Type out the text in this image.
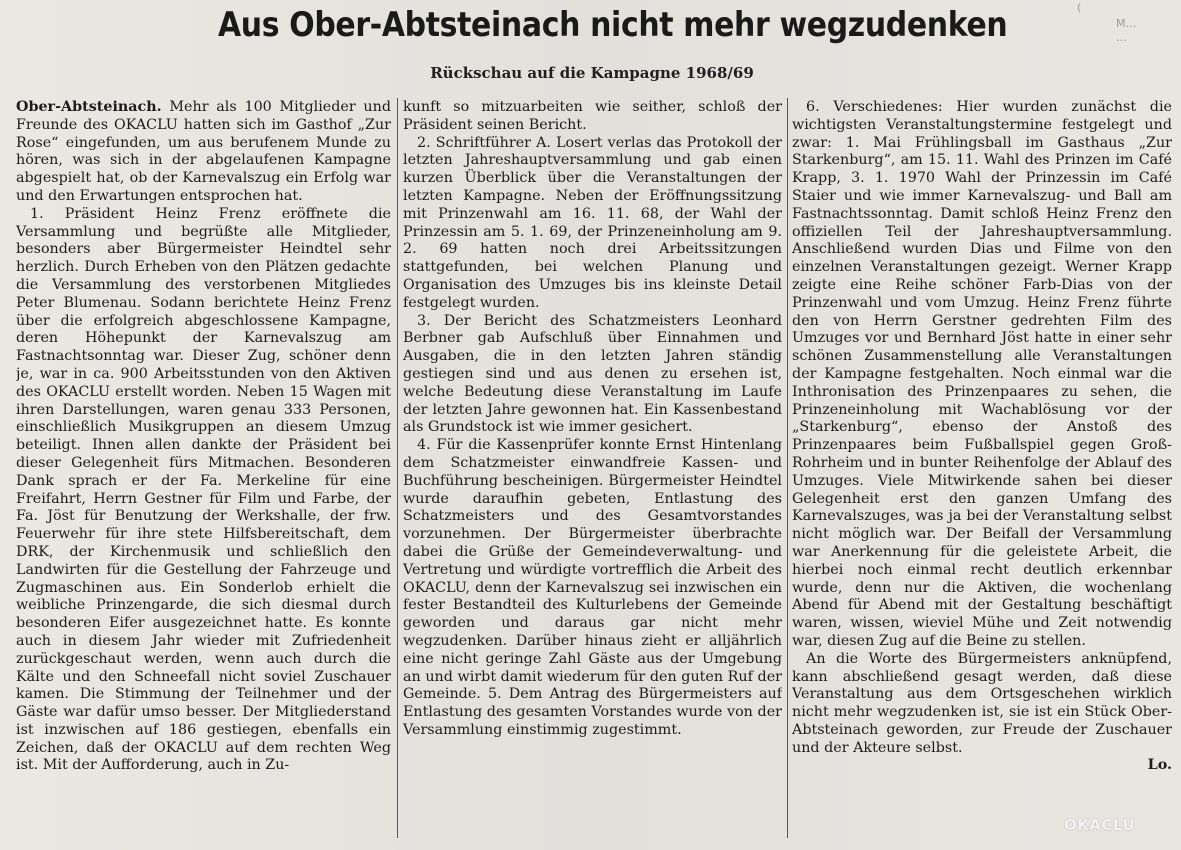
(
M…
…
Aus Ober-Abtsteinach nicht mehr wegzudenken
Rückschau auf die Kampagne 1968/69

Ober-Abtsteinach. Mehr als 100 Mitglieder und Freunde des OKACLU hatten sich im Gasthof „Zur Rose“ eingefunden, um aus berufenem Munde zu hören, was sich in der abgelaufenen Kampagne abgespielt hat, ob der Karnevalszug ein Erfolg war und den Erwartungen entsprochen hat.

1. Präsident Heinz Frenz eröffnete die Versammlung und begrüßte alle Mitglieder, besonders aber Bürgermeister Heindtel sehr herzlich. Durch Erheben von den Plätzen gedachte die Versammlung des verstorbenen Mitgliedes Peter Blumenau. Sodann berichtete Heinz Frenz über die erfolgreich abgeschlossene Kampagne, deren Höhepunkt der Karnevalszug am Fastnachtsonntag war. Dieser Zug, schöner denn je, war in ca. 900 Arbeitsstunden von den Aktiven des OKACLU erstellt worden. Neben 15 Wagen mit ihren Darstellungen, waren genau 333 Personen, einschließlich Musikgruppen an diesem Umzug beteiligt. Ihnen allen dankte der Präsident bei dieser Gelegenheit fürs Mitmachen. Besonderen Dank sprach er der Fa. Merkeline für eine Freifahrt, Herrn Gestner für Film und Farbe, der Fa. Jöst für Benutzung der Werkshalle, der frw. Feuerwehr für ihre stete Hilfsbereitschaft, dem DRK, der Kirchenmusik und schließlich den Landwirten für die Gestellung der Fahrzeuge und Zugmaschinen aus. Ein Sonderlob erhielt die weibliche Prinzengarde, die sich diesmal durch besonderen Eifer ausgezeichnet hatte. Es konnte auch in diesem Jahr wieder mit Zufriedenheit zurückgeschaut werden, wenn auch durch die Kälte und den Schneefall nicht soviel Zuschauer kamen. Die Stimmung der Teilnehmer und der Gäste war dafür umso besser. Der Mitgliederstand ist inzwischen auf 186 gestiegen, ebenfalls ein Zeichen, daß der OKACLU auf dem rechten Weg ist. Mit der Aufforderung, auch in Zu-

kunft so mitzuarbeiten wie seither, schloß der Präsident seinen Bericht.

2. Schriftführer A. Losert verlas das Protokoll der letzten Jahreshauptversammlung und gab einen kurzen Überblick über die Veranstaltungen der letzten Kampagne. Neben der Eröffnungssitzung mit Prinzenwahl am 16. 11. 68, der Wahl der Prinzessin am 5. 1. 69, der Prinzeneinholung am 9. 2. 69 hatten noch drei Arbeitssitzungen stattgefunden, bei welchen Planung und Organisation des Umzuges bis ins kleinste Detail festgelegt wurden.

3. Der Bericht des Schatzmeisters Leonhard Berbner gab Aufschluß über Einnahmen und Ausgaben, die in den letzten Jahren ständig gestiegen sind und aus denen zu ersehen ist, welche Bedeutung diese Veranstaltung im Laufe der letzten Jahre gewonnen hat. Ein Kassenbestand als Grundstock ist wie immer gesichert.

4. Für die Kassenprüfer konnte Ernst Hintenlang dem Schatzmeister einwandfreie Kassen- und Buchführung bescheinigen. Bürgermeister Heindtel wurde daraufhin gebeten, Entlastung des Schatzmeisters und des Gesamtvorstandes vorzunehmen. Der Bürgermeister überbrachte dabei die Grüße der Gemeindeverwaltung- und Vertretung und würdigte vortrefflich die Arbeit des OKACLU, denn der Karnevalszug sei inzwischen ein fester Bestandteil des Kulturlebens der Gemeinde geworden und daraus gar nicht mehr wegzudenken. Darüber hinaus zieht er alljährlich eine nicht geringe Zahl Gäste aus der Umgebung an und wirbt damit wiederum für den guten Ruf der Gemeinde. 5. Dem Antrag des Bürgermeisters auf Entlastung des gesamten Vorstandes wurde von der Versammlung einstimmig zugestimmt.

6. Verschiedenes: Hier wurden zunächst die wichtigsten Veranstaltungstermine festgelegt und zwar: 1. Mai Frühlingsball im Gasthaus „Zur Starkenburg“, am 15. 11. Wahl des Prinzen im Café Krapp, 3. 1. 1970 Wahl der Prinzessin im Café Staier und wie immer Karnevalszug- und Ball am Fastnachtssonntag. Damit schloß Heinz Frenz den offiziellen Teil der Jahreshauptversammlung. Anschließend wurden Dias und Filme von den einzelnen Veranstaltungen gezeigt. Werner Krapp zeigte eine Reihe schöner Farb-Dias von der Prinzenwahl und vom Umzug. Heinz Frenz führte den von Herrn Gerstner gedrehten Film des Umzuges vor und Bernhard Jöst hatte in einer sehr schönen Zusammenstellung alle Veranstaltungen der Kampagne festgehalten. Noch einmal war die Inthronisation des Prinzenpaares zu sehen, die Prinzeneinholung mit Wachablösung vor der „Starkenburg“, ebenso der Anstoß des Prinzenpaares beim Fußballspiel gegen Groß-Rohrheim und in bunter Reihenfolge der Ablauf des Umzuges. Viele Mitwirkende sahen bei dieser Gelegenheit erst den ganzen Umfang des Karnevalszuges, was ja bei der Veranstaltung selbst nicht möglich war. Der Beifall der Versammlung war Anerkennung für die geleistete Arbeit, die hierbei noch einmal recht deutlich erkennbar wurde, denn nur die Aktiven, die wochenlang Abend für Abend mit der Gestaltung beschäftigt waren, wissen, wieviel Mühe und Zeit notwendig war, diesen Zug auf die Beine zu stellen.

An die Worte des Bürgermeisters anknüpfend, kann abschließend gesagt werden, daß diese Veranstaltung aus dem Ortsgeschehen wirklich nicht mehr wegzudenken ist, sie ist ein Stück Ober-Abtsteinach geworden, zur Freude der Zuschauer und der Akteure selbst.

Lo.
OKACLU
